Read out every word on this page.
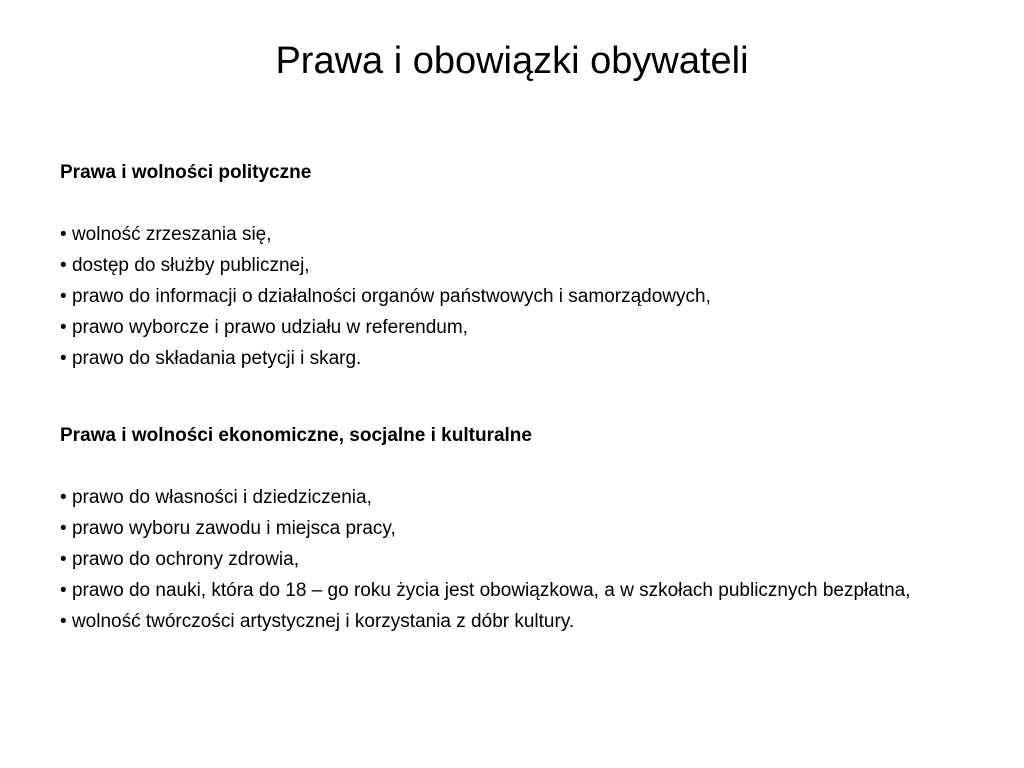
Prawa i obowiązki obywateli

Prawa i wolności polityczne

• wolność zrzeszania się,
• dostęp do służby publicznej,
• prawo do informacji o działalności organów państwowych i samorządowych,
• prawo wyborcze i prawo udziału w referendum,
• prawo do składania petycji i skarg.

Prawa i wolności ekonomiczne, socjalne i kulturalne

• prawo do własności i dziedziczenia,
• prawo wyboru zawodu i miejsca pracy,
• prawo do ochrony zdrowia,
• prawo do nauki, która do 18 – go roku życia jest obowiązkowa, a w szkołach publicznych bezpłatna,
• wolność twórczości artystycznej i korzystania z dóbr kultury.
